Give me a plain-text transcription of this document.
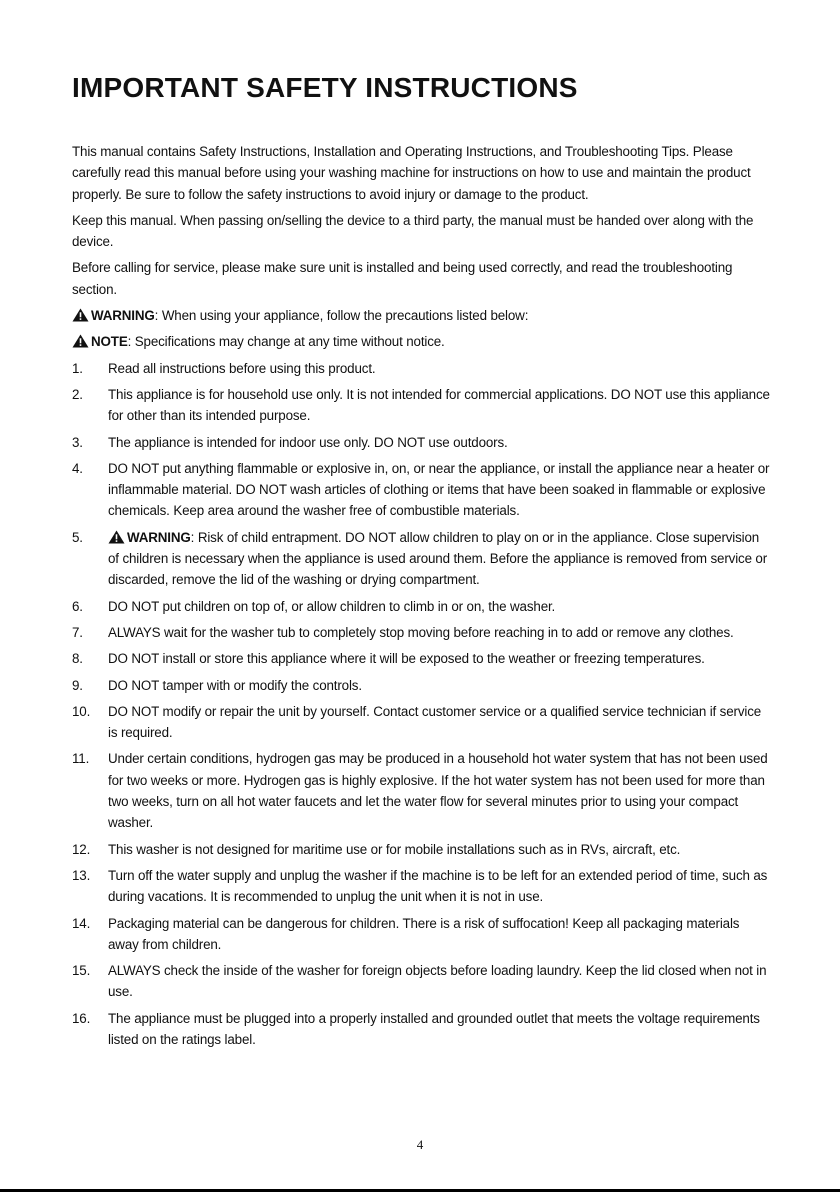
IMPORTANT SAFETY INSTRUCTIONS

This manual contains Safety Instructions, Installation and Operating Instructions, and Troubleshooting Tips. Please carefully read this manual before using your washing machine for instructions on how to use and maintain the product properly. Be sure to follow the safety instructions to avoid injury or damage to the product.

Keep this manual. When passing on/selling the device to a third party, the manual must be handed over along with the device.

Before calling for service, please make sure unit is installed and being used correctly, and read the troubleshooting section.

WARNING: When using your appliance, follow the precautions listed below:

NOTE: Specifications may change at any time without notice.

1.	Read all instructions before using this product.
2.	This appliance is for household use only. It is not intended for commercial applications. DO NOT use this appliance for other than its intended purpose.
3.	The appliance is intended for indoor use only. DO NOT use outdoors.
4.	DO NOT put anything flammable or explosive in, on, or near the appliance, or install the appliance near a heater or inflammable material. DO NOT wash articles of clothing or items that have been soaked in flammable or explosive chemicals. Keep area around the washer free of combustible materials.
5.	WARNING: Risk of child entrapment. DO NOT allow children to play on or in the appliance. Close supervision of children is necessary when the appliance is used around them. Before the appliance is removed from service or discarded, remove the lid of the washing or drying compartment.
6.	DO NOT put children on top of, or allow children to climb in or on, the washer.
7.	ALWAYS wait for the washer tub to completely stop moving before reaching in to add or remove any clothes.
8.	DO NOT install or store this appliance where it will be exposed to the weather or freezing temperatures.
9.	DO NOT tamper with or modify the controls.
10.	DO NOT modify or repair the unit by yourself. Contact customer service or a qualified service technician if service is required.
11.	Under certain conditions, hydrogen gas may be produced in a household hot water system that has not been used for two weeks or more. Hydrogen gas is highly explosive. If the hot water system has not been used for more than two weeks, turn on all hot water faucets and let the water flow for several minutes prior to using your compact washer.
12.	This washer is not designed for maritime use or for mobile installations such as in RVs, aircraft, etc.
13.	Turn off the water supply and unplug the washer if the machine is to be left for an extended period of time, such as during vacations. It is recommended to unplug the unit when it is not in use.
14.	Packaging material can be dangerous for children. There is a risk of suffocation! Keep all packaging materials away from children.
15.	ALWAYS check the inside of the washer for foreign objects before loading laundry. Keep the lid closed when not in use.
16.	The appliance must be plugged into a properly installed and grounded outlet that meets the voltage requirements listed on the ratings label.
4
